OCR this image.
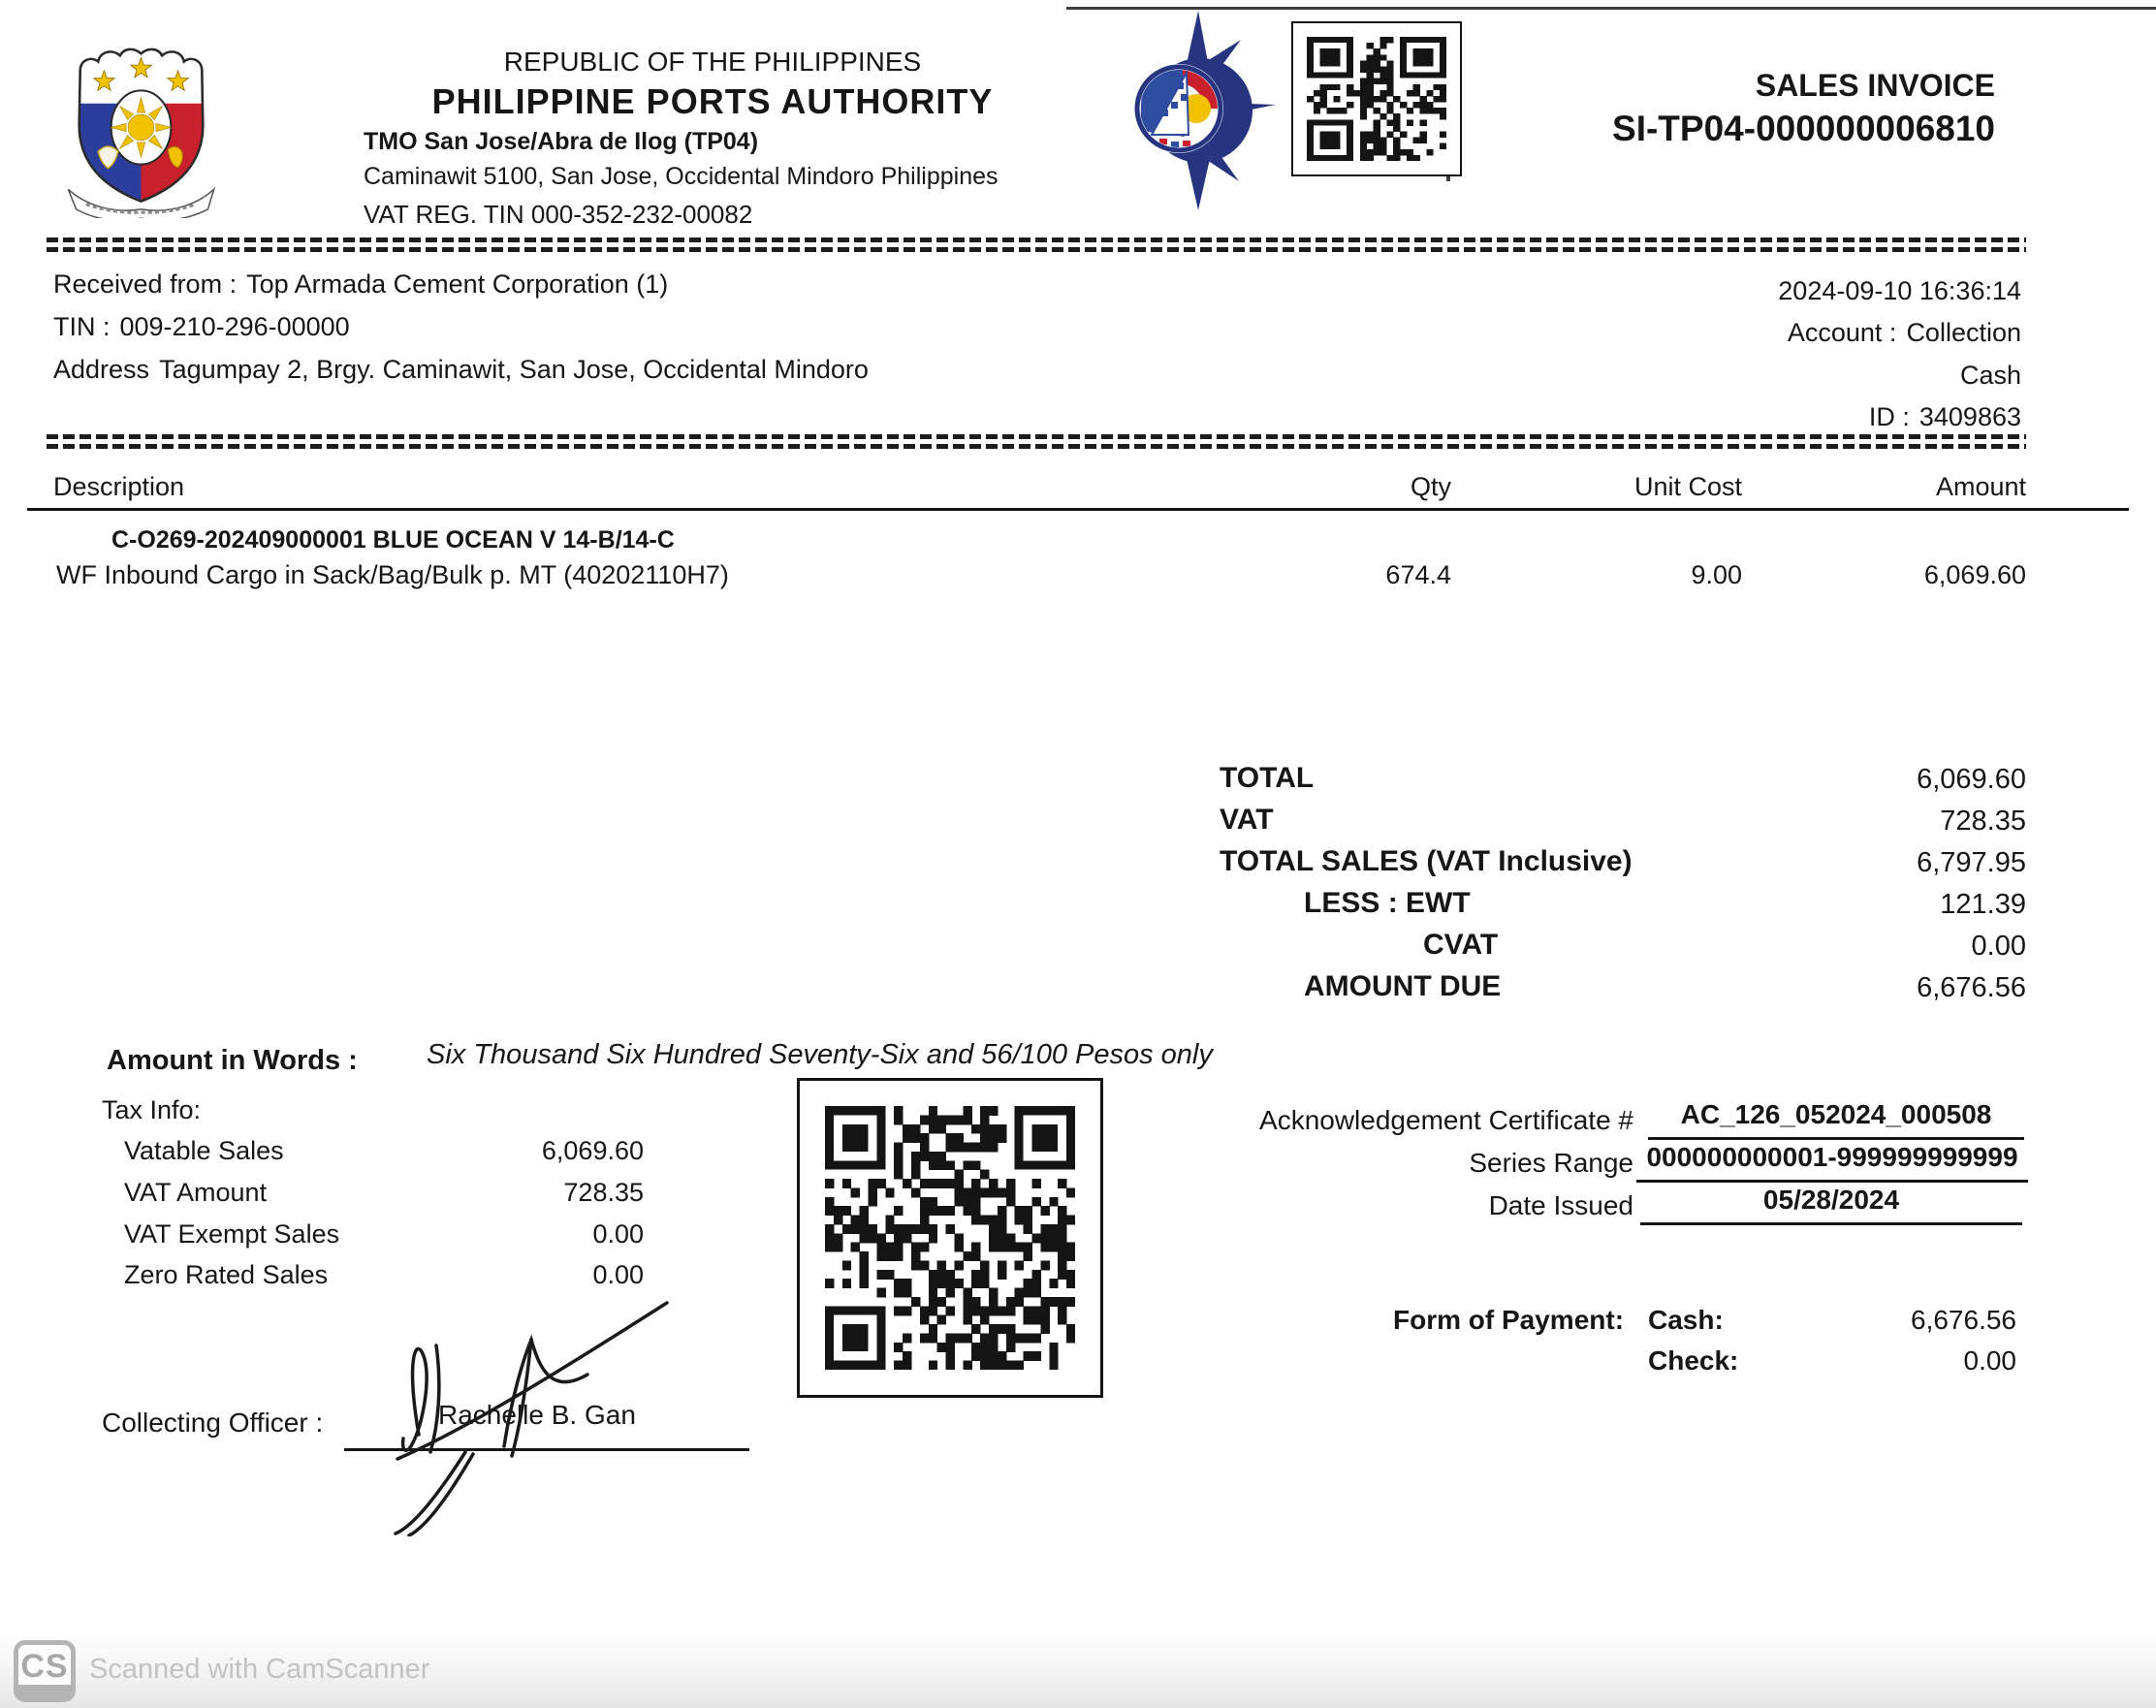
REPUBLIC OF THE PHILIPPINES
PHILIPPINE PORTS AUTHORITY
TMO San Jose/Abra de Ilog (TP04)
Caminawit 5100, San Jose, Occidental Mindoro Philippines
VAT REG. TIN 000-352-232-00082
SALES INVOICE
SI-TP04-000000006810
Received from : Top Armada Cement Corporation (1)
TIN : 009-210-296-00000
Address Tagumpay 2, Brgy. Caminawit, San Jose, Occidental Mindoro
2024-09-10 16:36:14
Account : Collection
Cash
ID : 3409863
Description	Qty	Unit Cost	Amount
C-O269-202409000001 BLUE OCEAN V 14-B/14-C
WF Inbound Cargo in Sack/Bag/Bulk p. MT (40202110H7)	674.4	9.00	6,069.60
TOTAL	6,069.60
VAT	728.35
TOTAL SALES (VAT Inclusive)	6,797.95
LESS : EWT	121.39
CVAT	0.00
AMOUNT DUE	6,676.56
Amount in Words : Six Thousand Six Hundred Seventy-Six and 56/100 Pesos only
Tax Info:
Vatable Sales	6,069.60
VAT Amount	728.35
VAT Exempt Sales	0.00
Zero Rated Sales	0.00
Acknowledgement Certificate #	AC_126_052024_000508
Series Range 000000000001-999999999999
Date Issued	05/28/2024
Form of Payment: Cash:	6,676.56
Check:	0.00
Collecting Officer :	Rachelle B. Gan
CS Scanned with CamScanner
